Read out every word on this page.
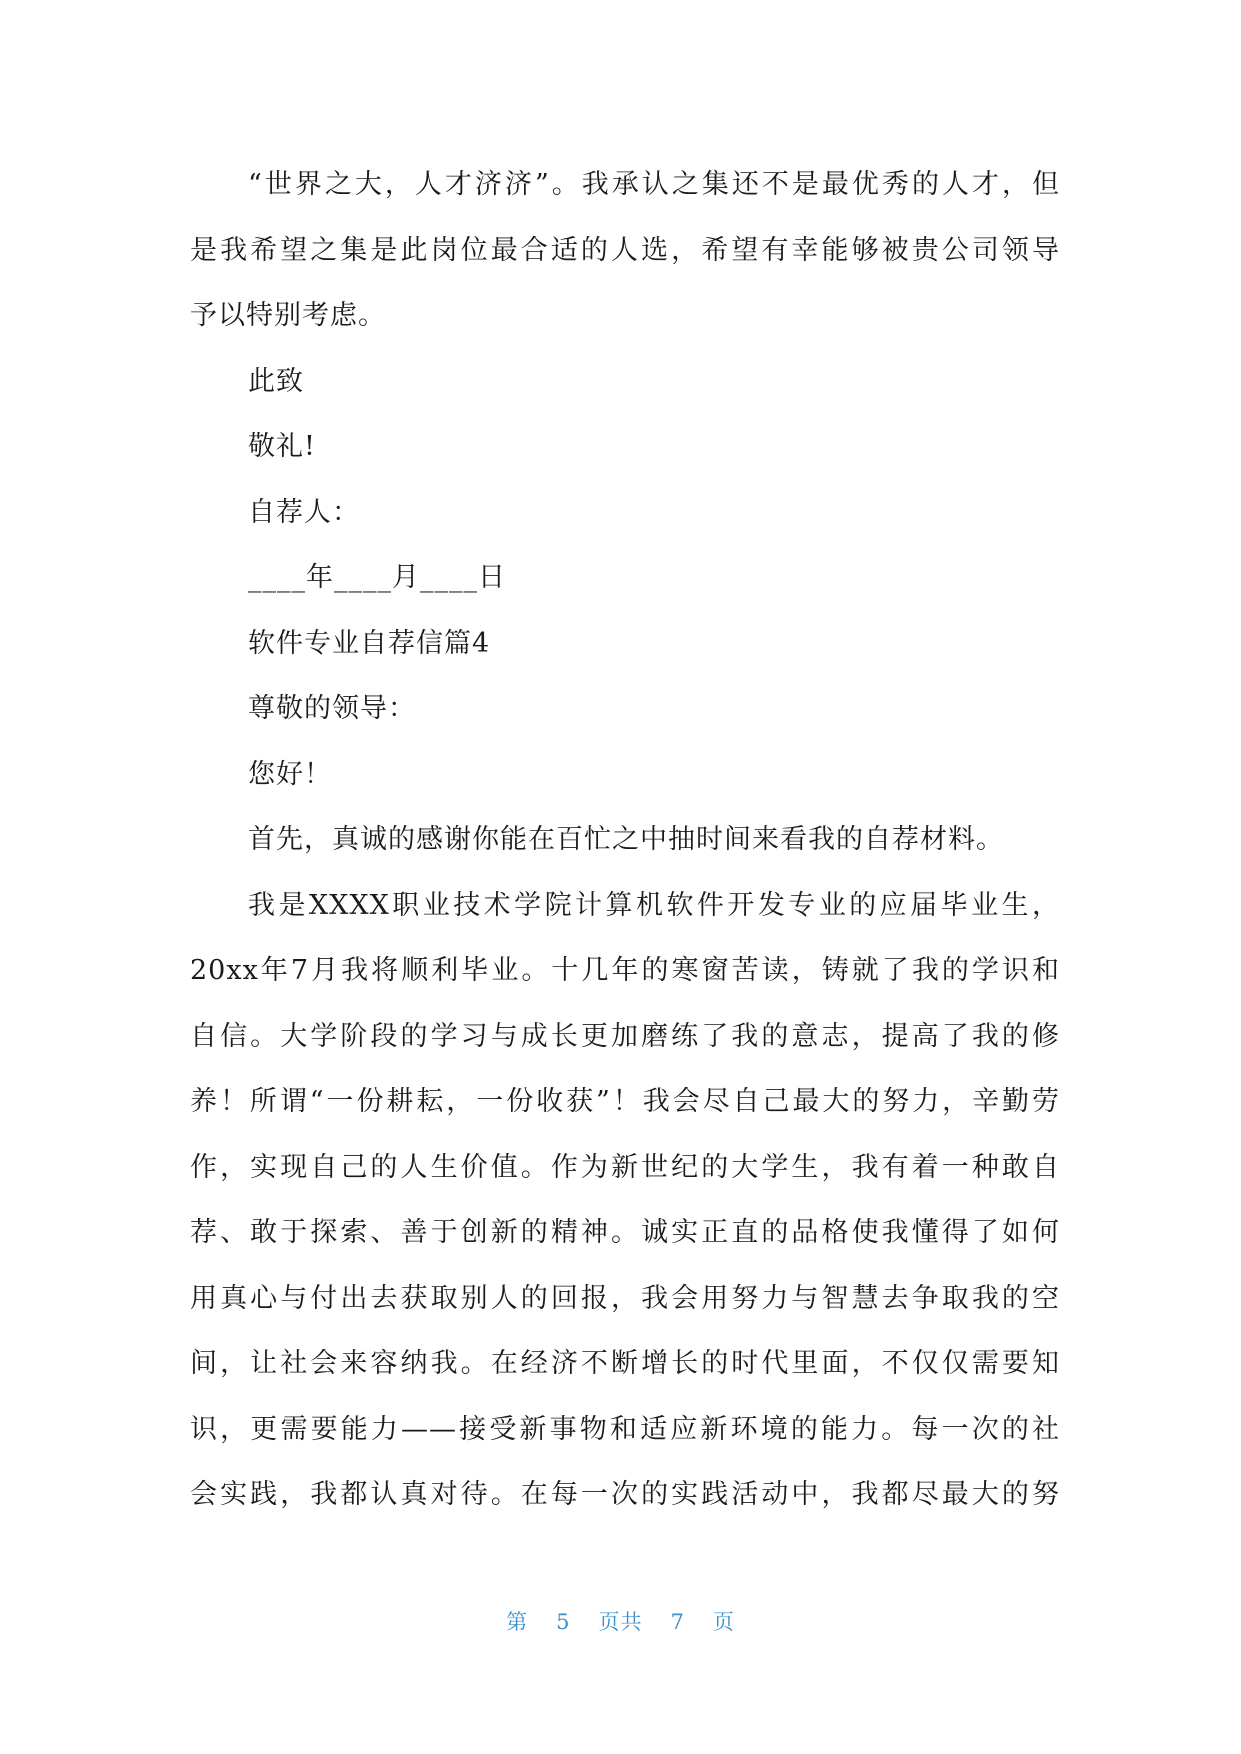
“世界之大，人才济济”。我承认之集还不是最优秀的人才，但
是我希望之集是此岗位最合适的人选，希望有幸能够被贵公司领导
予以特别考虑。
此致
敬礼!
自荐人：
____年____月____日
软件专业自荐信篇4
尊敬的领导：
您好！
首先，真诚的感谢你能在百忙之中抽时间来看我的自荐材料。
我是XXXX职业技术学院计算机软件开发专业的应届毕业生，
20xx年7月我将顺利毕业。十几年的寒窗苦读，铸就了我的学识和
自信。大学阶段的学习与成长更加磨练了我的意志，提高了我的修
养！所谓“一份耕耘，一份收获”！我会尽自己最大的努力，辛勤劳
作，实现自己的人生价值。作为新世纪的大学生，我有着一种敢自
荐、敢于探索、善于创新的精神。诚实正直的品格使我懂得了如何
用真心与付出去获取别人的回报，我会用努力与智慧去争取我的空
间，让社会来容纳我。在经济不断增长的时代里面，不仅仅需要知
识，更需要能力——接受新事物和适应新环境的能力。每一次的社
会实践，我都认真对待。在每一次的实践活动中，我都尽最大的努
第 5 页共 7 页
